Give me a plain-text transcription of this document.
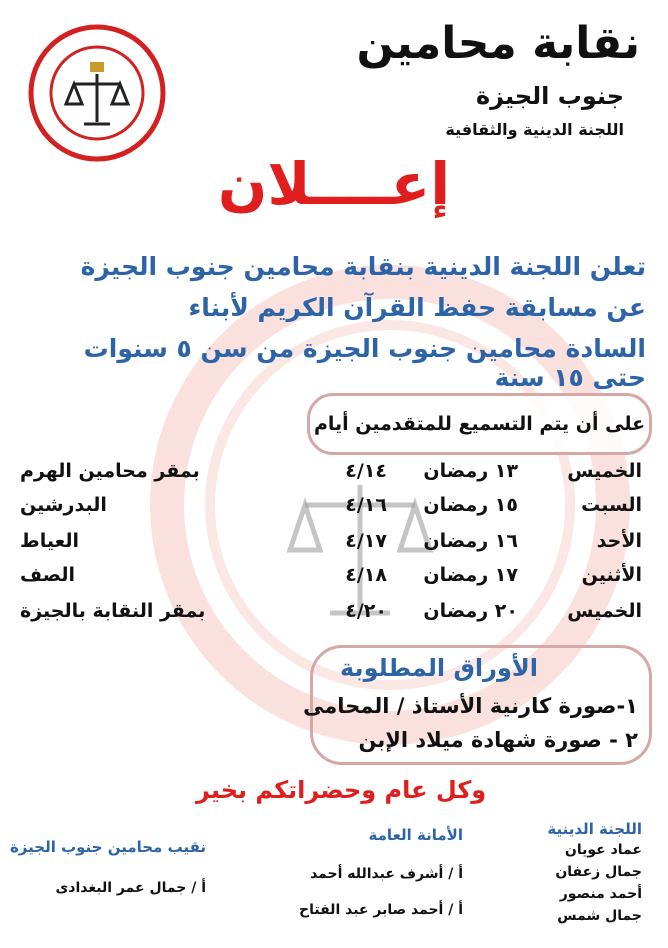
نقابة محامين
جنوب الجيزة
اللجنة الدينية والثقافية
إعــــلان
تعلن اللجنة الدينية بنقابة محامين جنوب الجيزة
عن مسابقة حفظ القرآن الكريم لأبناء
السادة محامين جنوب الجيزة من سن ٥ سنوات حتى ١٥ سنة
على أن يتم التسميع للمتقدمين أيام
الخميس
١٣ رمضان
٤/١٤
بمقر محامين الهرم
السبت
١٥ رمضان
٤/١٦
البدرشين
الأحد
١٦ رمضان
٤/١٧
العياط
الأثنين
١٧ رمضان
٤/١٨
الصف
الخميس
٢٠ رمضان
٤/٢٠
بمقر النقابة بالجيزة
الأوراق المطلوبة
١-صورة كارنية الأستاذ / المحامى
٢ - صورة شهادة ميلاد الإبن
وكل عام وحضراتكم بخير
اللجنة الدينية
عماد عويان
جمال زعفان
أحمد منصور
جمال شمس
الأمانة العامة
أ / أشرف عبدالله أحمد
أ / أحمد صابر عبد الفتاح
نقيب محامين جنوب الجيزة
أ / جمال عمر البغدادى
